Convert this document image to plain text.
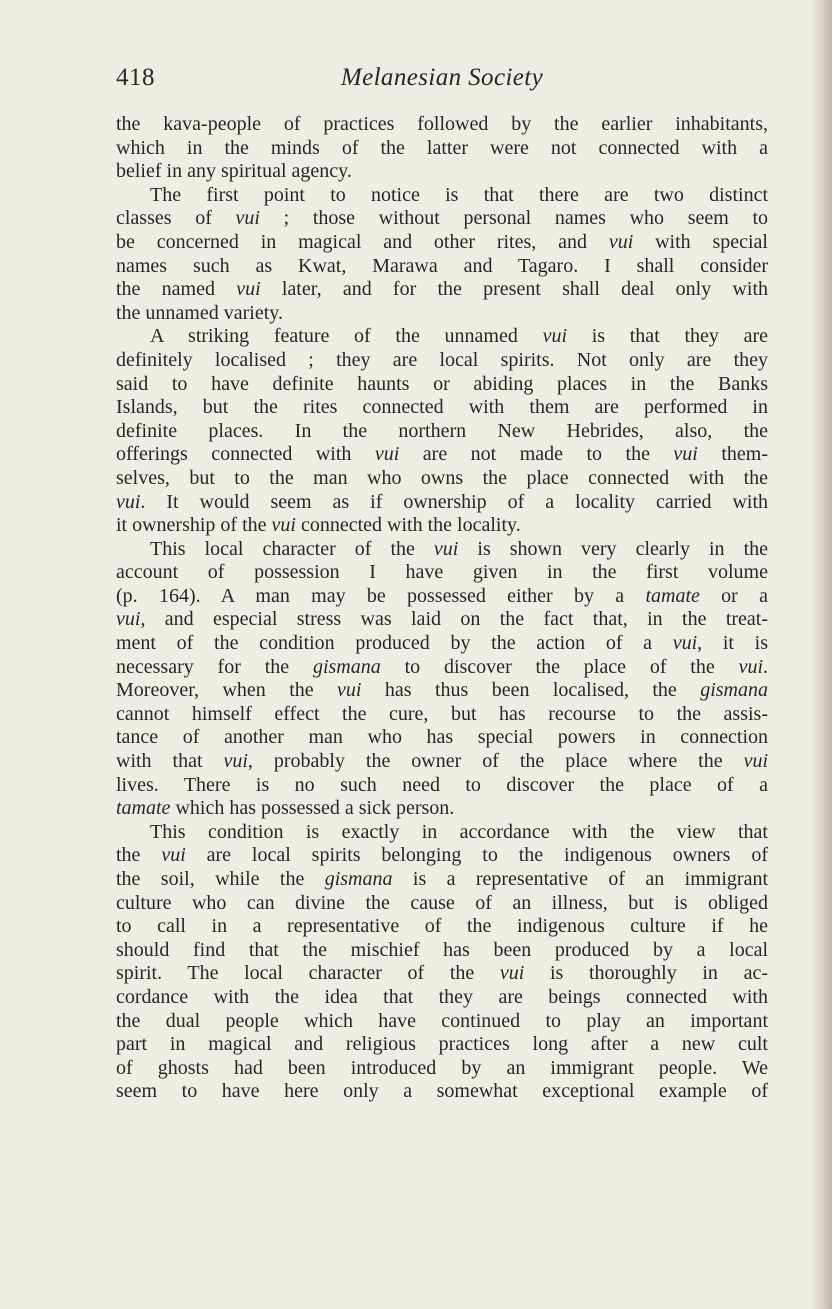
418	Melanesian Society
the kava-people of practices followed by the earlier inhabitants,
which in the minds of the latter were not connected with a
belief in any spiritual agency.
The first point to notice is that there are two distinct
classes of vui ; those without personal names who seem to
be concerned in magical and other rites, and vui with special
names such as Kwat, Marawa and Tagaro. I shall consider
the named vui later, and for the present shall deal only with
the unnamed variety.
A striking feature of the unnamed vui is that they are
definitely localised ; they are local spirits. Not only are they
said to have definite haunts or abiding places in the Banks
Islands, but the rites connected with them are performed in
definite places. In the northern New Hebrides, also, the
offerings connected with vui are not made to the vui them-
selves, but to the man who owns the place connected with the
vui. It would seem as if ownership of a locality carried with
it ownership of the vui connected with the locality.
This local character of the vui is shown very clearly in the
account of possession I have given in the first volume
(p. 164). A man may be possessed either by a tamate or a
vui, and especial stress was laid on the fact that, in the treat-
ment of the condition produced by the action of a vui, it is
necessary for the gismana to discover the place of the vui.
Moreover, when the vui has thus been localised, the gismana
cannot himself effect the cure, but has recourse to the assis-
tance of another man who has special powers in connection
with that vui, probably the owner of the place where the vui
lives. There is no such need to discover the place of a
tamate which has possessed a sick person.
This condition is exactly in accordance with the view that
the vui are local spirits belonging to the indigenous owners of
the soil, while the gismana is a representative of an immigrant
culture who can divine the cause of an illness, but is obliged
to call in a representative of the indigenous culture if he
should find that the mischief has been produced by a local
spirit. The local character of the vui is thoroughly in ac-
cordance with the idea that they are beings connected with
the dual people which have continued to play an important
part in magical and religious practices long after a new cult
of ghosts had been introduced by an immigrant people. We
seem to have here only a somewhat exceptional example of
